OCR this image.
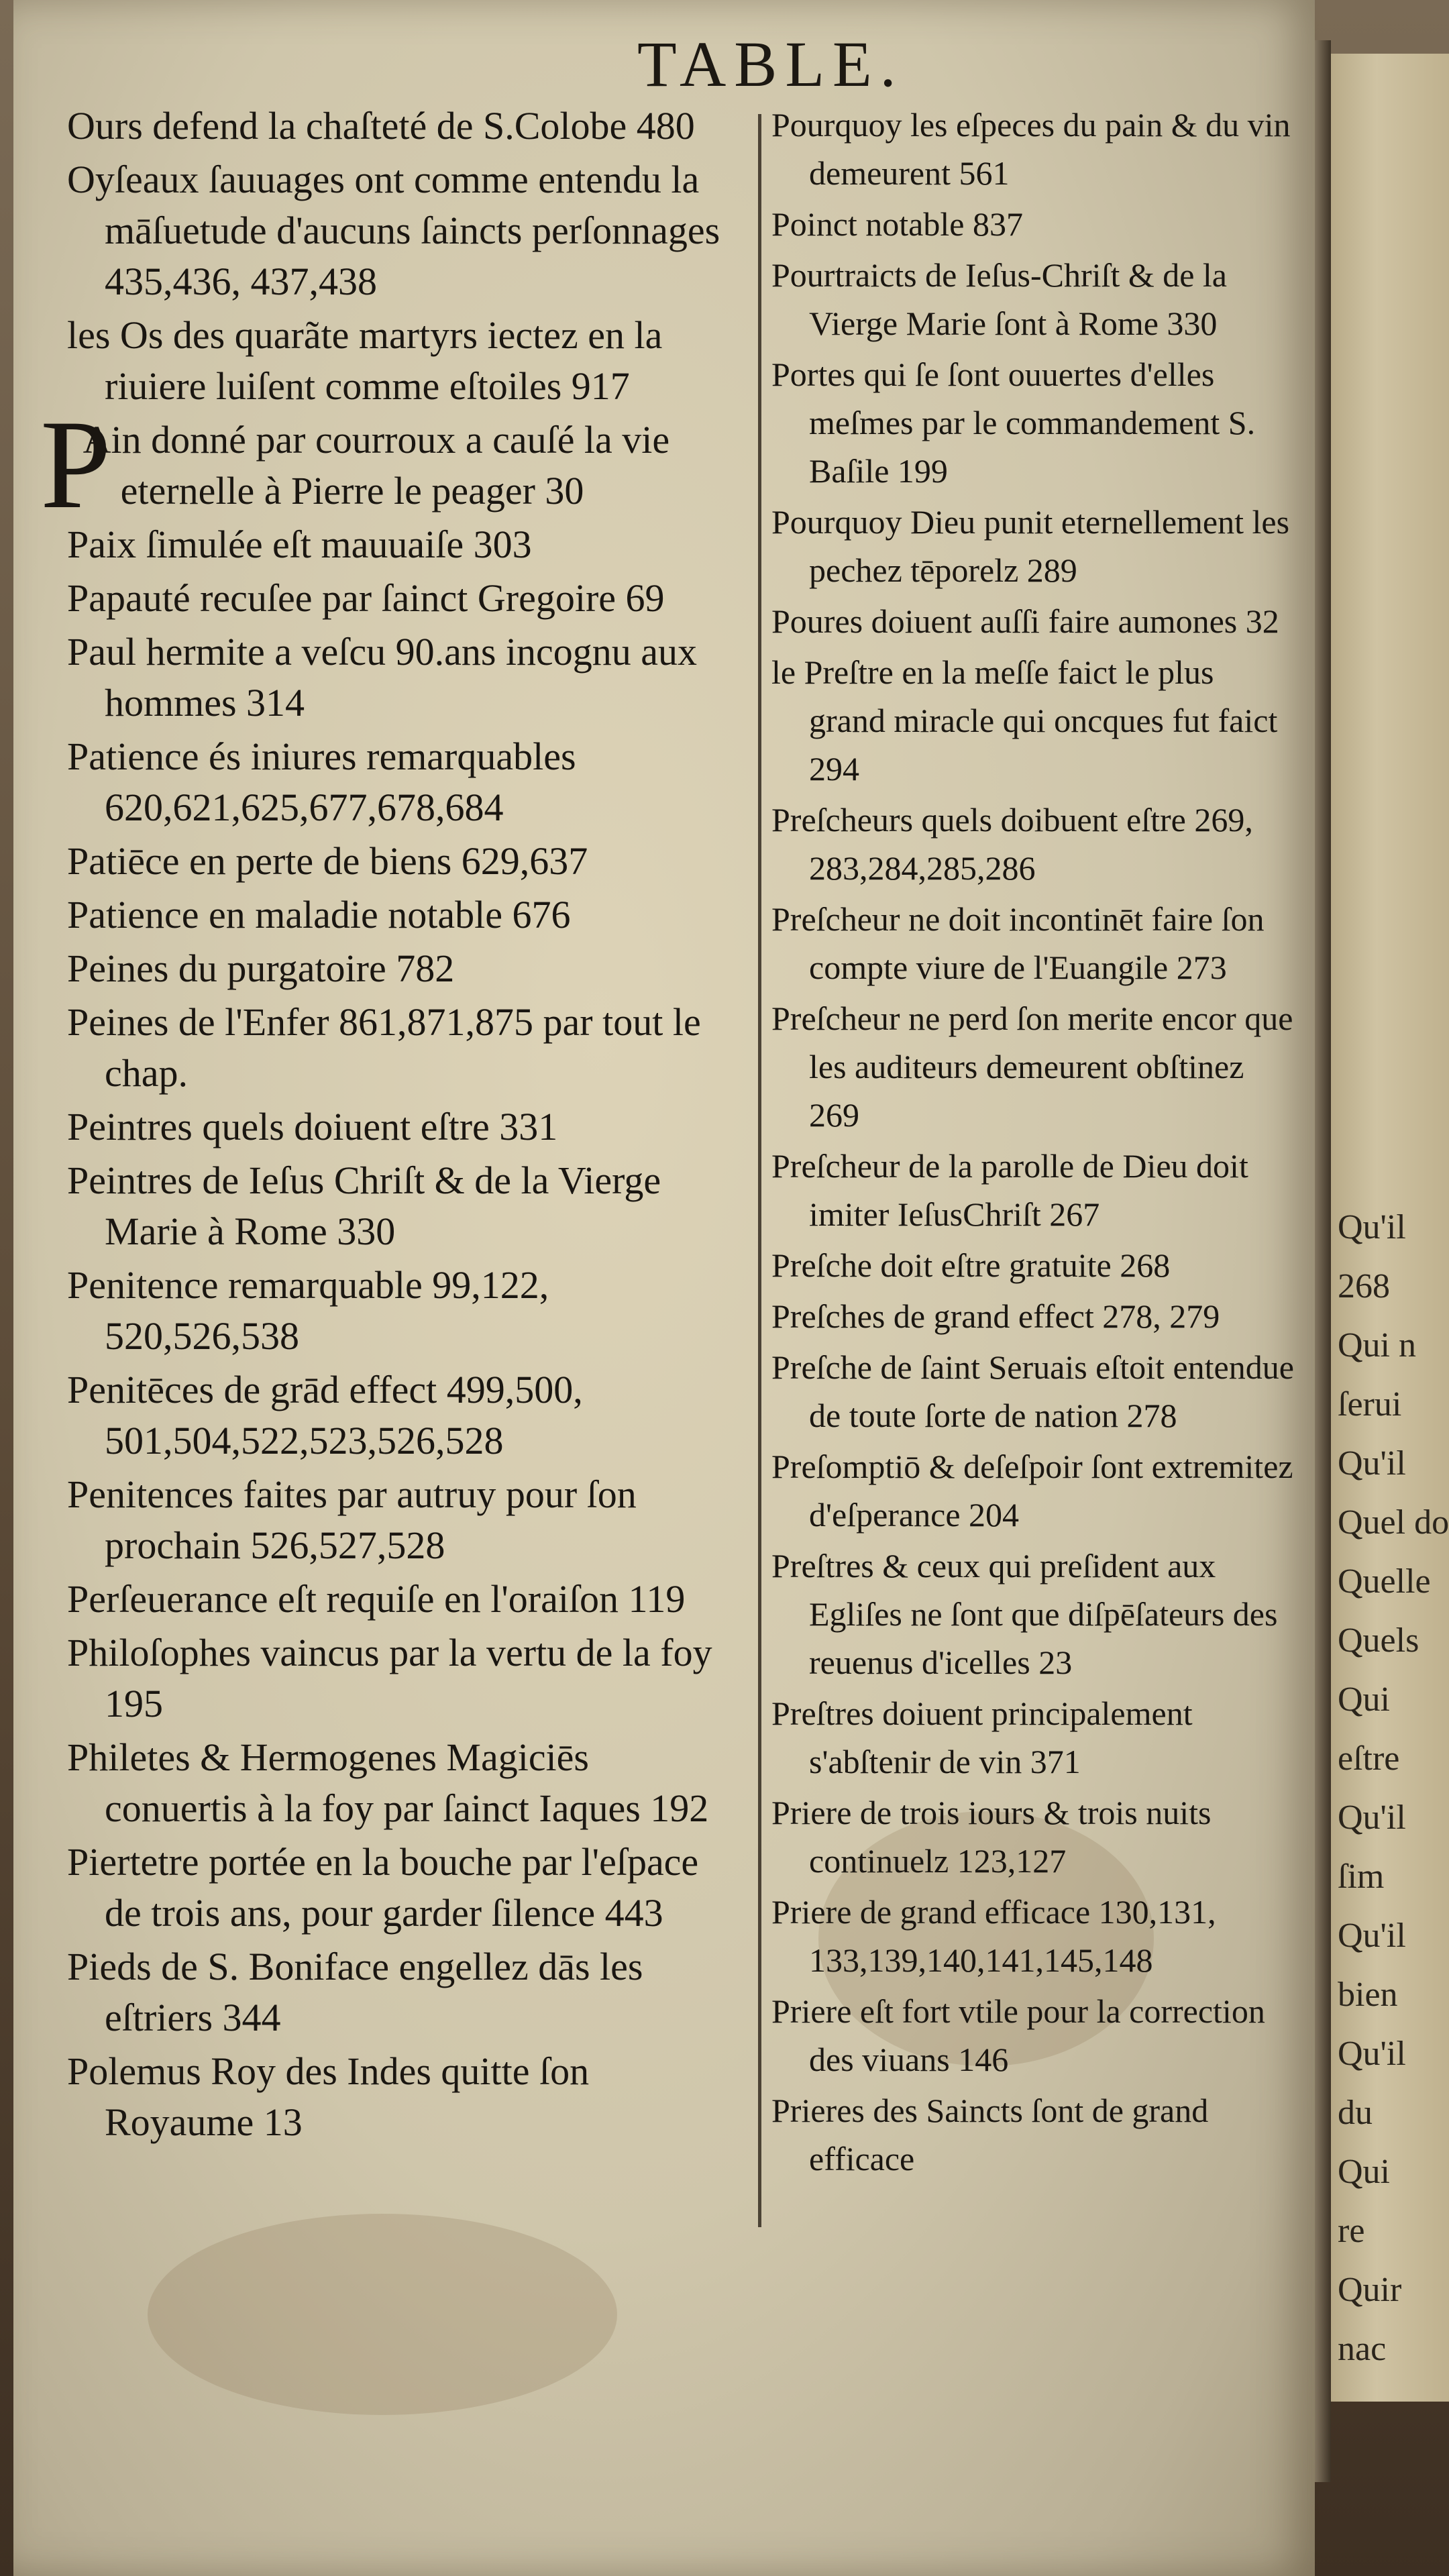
Qu'il
268
Qui n
ſerui
Qu'il
Quel do
Quelle
Quels
Qui
eſtre
Qu'il
ſim
Qu'il
bien
Qu'il
du
Qui
re
Quir
nac
TABLE.
Ours defend la chaſteté de S.Colobe 480
Oyſeaux ſauuages ont comme entendu la māſuetude d'aucuns ſaincts perſonnages 435,436, 437,438
les Os des quarãte martyrs iectez en la riuiere luiſent comme eſtoiles 917
P
Ain donné par courroux a cauſé la vie eternelle à Pierre le peager 30
Paix ſimulée eſt mauuaiſe 303
Papauté recuſee par ſainct Gregoire 69
Paul hermite a veſcu 90.ans incognu aux hommes 314
Patience és iniures remarquables 620,621,625,677,678,684
Patiēce en perte de biens 629,637
Patience en maladie notable 676
Peines du purgatoire 782
Peines de l'Enfer 861,871,875 par tout le chap.
Peintres quels doiuent eſtre 331
Peintres de Ieſus Chriſt & de la Vierge Marie à Rome 330
Penitence remarquable 99,122, 520,526,538
Penitēces de grād effect 499,500, 501,504,522,523,526,528
Penitences faites par autruy pour ſon prochain 526,527,528
Perſeuerance eſt requiſe en l'oraiſon 119
Philoſophes vaincus par la vertu de la foy 195
Philetes & Hermogenes Magiciēs conuertis à la foy par ſainct Iaques 192
Piertetre portée en la bouche par l'eſpace de trois ans, pour garder ſilence 443
Pieds de S. Boniface engellez dās les eſtriers 344
Polemus Roy des Indes quitte ſon Royaume 13
Pourquoy les eſpeces du pain & du vin demeurent 561
Poinct notable 837
Pourtraicts de Ieſus-Chriſt & de la Vierge Marie ſont à Rome 330
Portes qui ſe ſont ouuertes d'elles meſmes par le commandement S. Baſile 199
Pourquoy Dieu punit eternellement les pechez tēporelz 289
Poures doiuent auſſi faire aumones 32
le Preſtre en la meſſe faict le plus grand miracle qui oncques fut faict 294
Preſcheurs quels doibuent eſtre 269, 283,284,285,286
Preſcheur ne doit incontinēt faire ſon compte viure de l'Euangile 273
Preſcheur ne perd ſon merite encor que les auditeurs demeurent obſtinez 269
Preſcheur de la parolle de Dieu doit imiter IeſusChriſt 267
Preſche doit eſtre gratuite 268
Preſches de grand effect 278, 279
Preſche de ſaint Seruais eſtoit entendue de toute ſorte de nation 278
Preſomptiō & deſeſpoir ſont extremitez d'eſperance 204
Preſtres & ceux qui preſident aux Egliſes ne ſont que diſpēſateurs des reuenus d'icelles 23
Preſtres doiuent principalement s'abſtenir de vin 371
Priere de trois iours & trois nuits continuelz 123,127
Priere de grand efficace 130,131, 133,139,140,141,145,148
Priere eſt fort vtile pour la correction des viuans 146
Prieres des Saincts ſont de grand efficace
